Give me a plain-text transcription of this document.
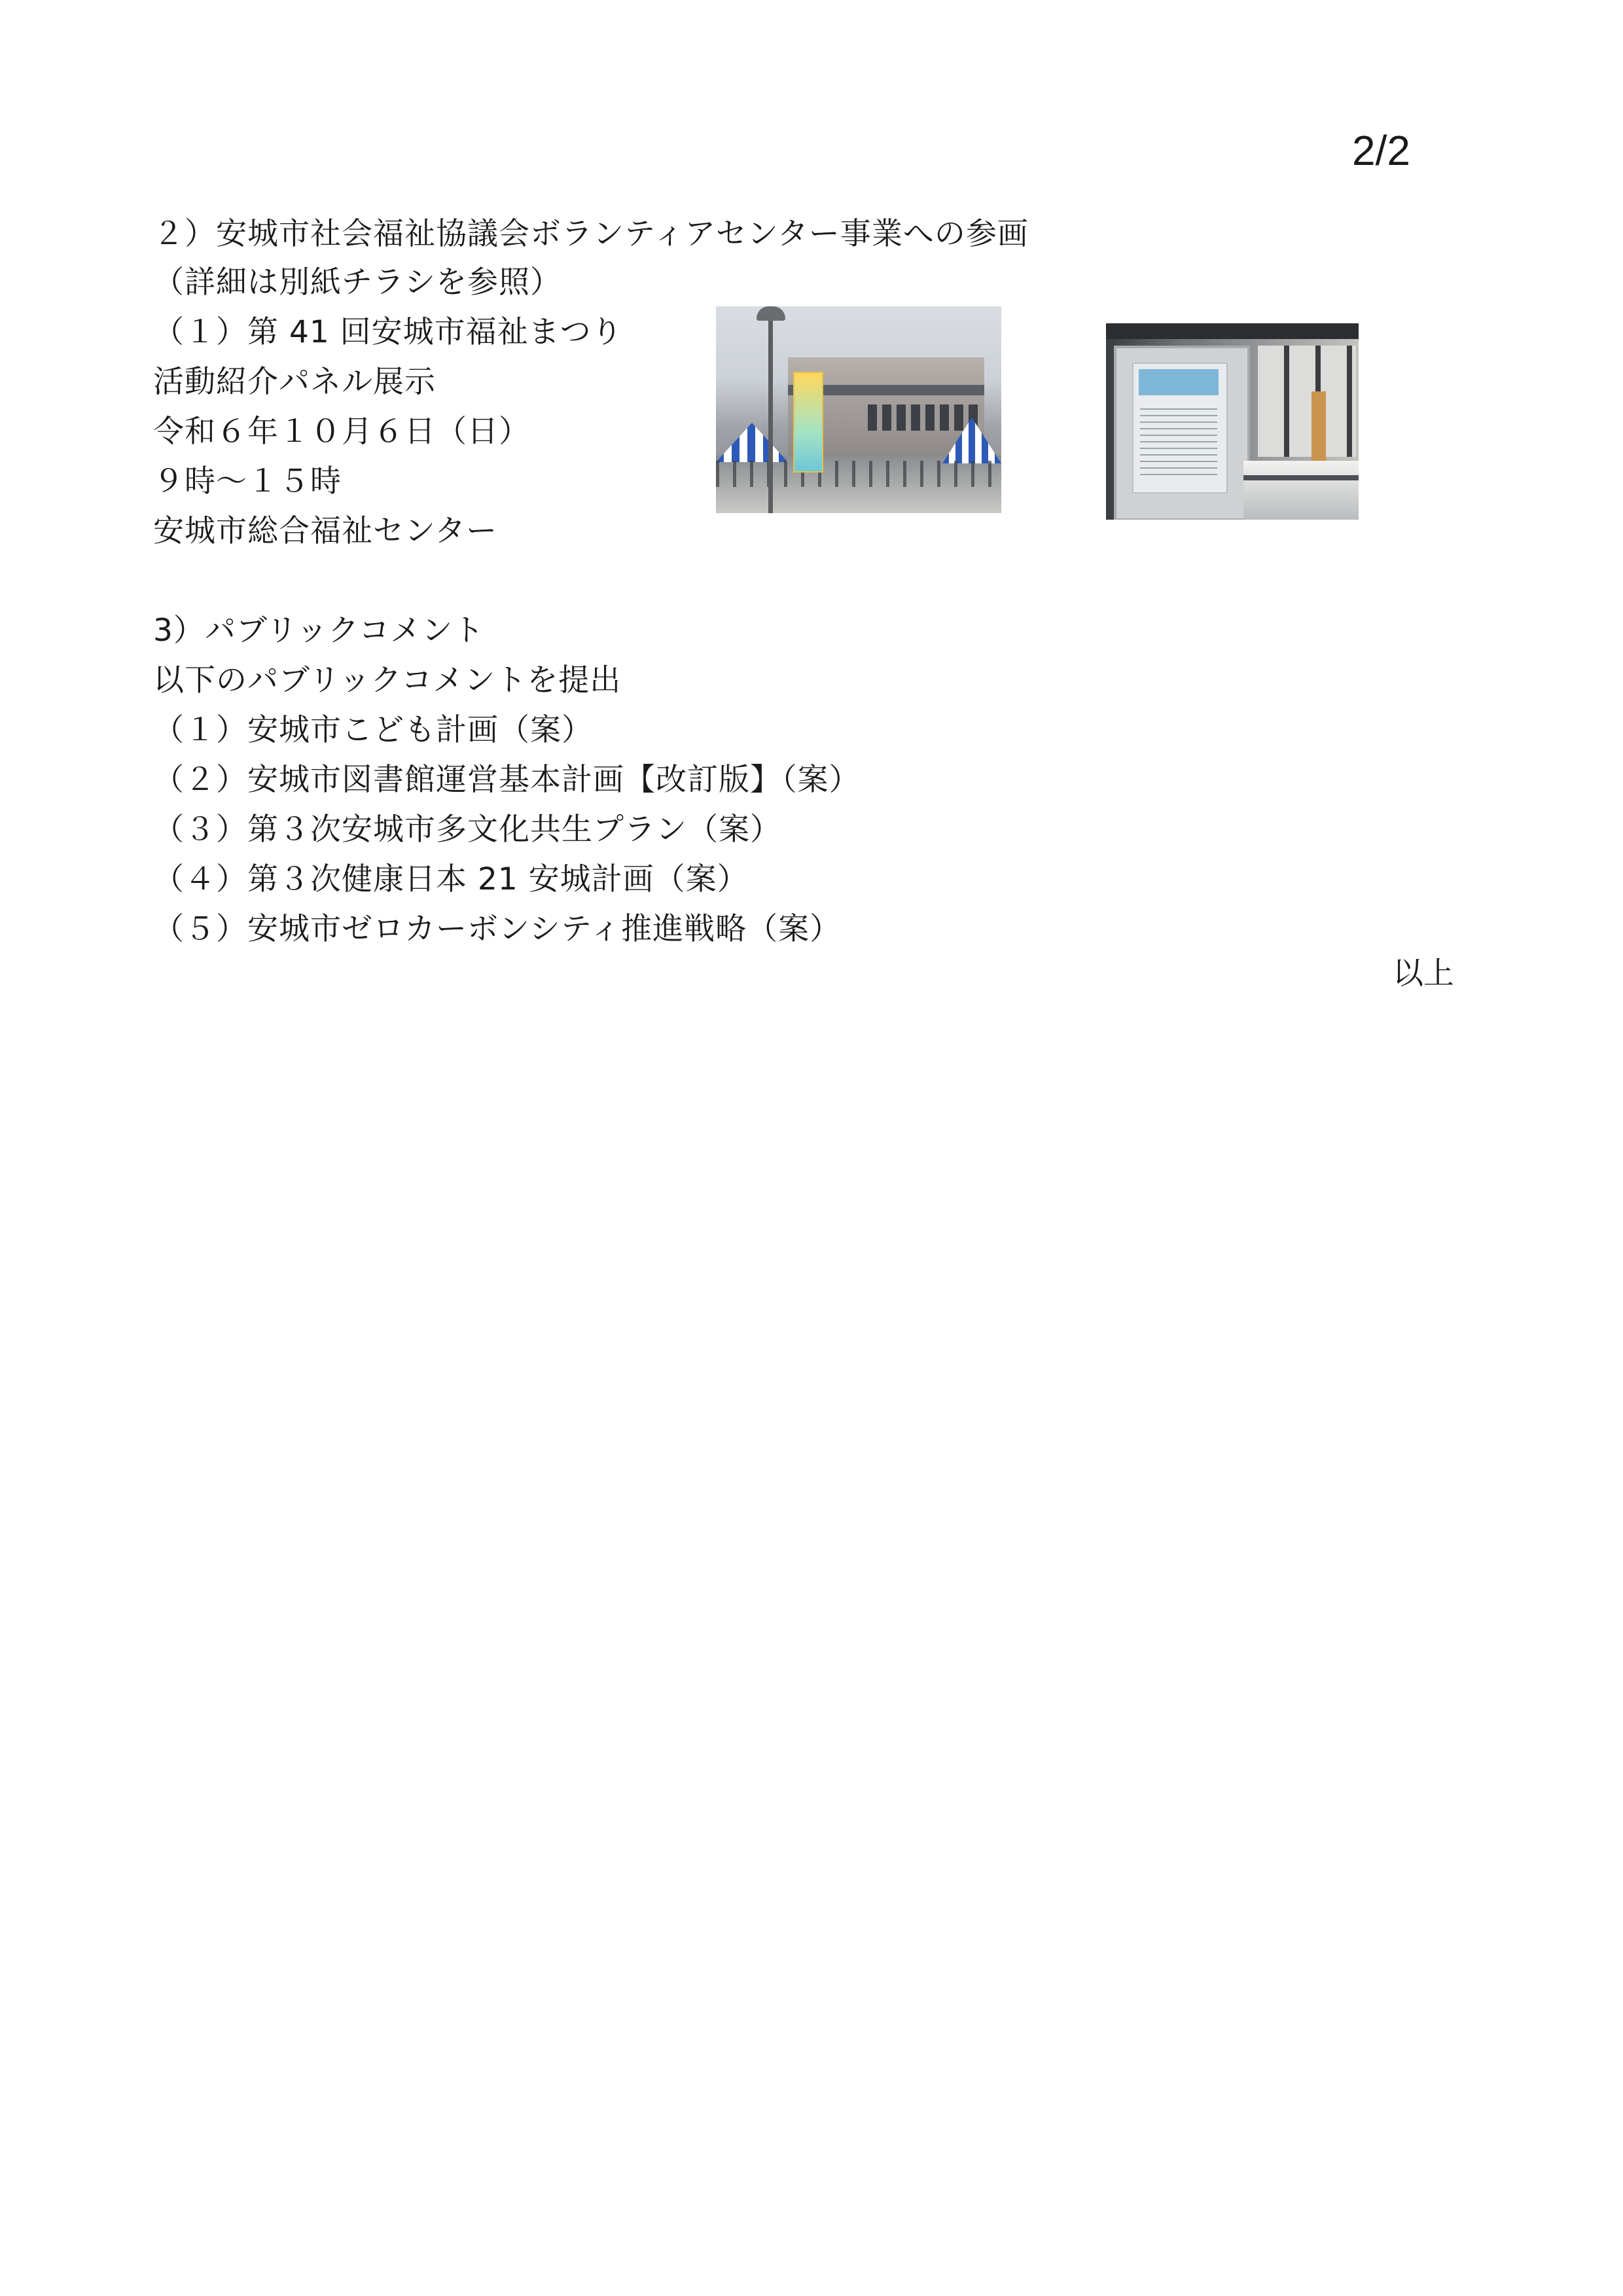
2/2
２）安城市社会福祉協議会ボランティアセンター事業への参画
（詳細は別紙チラシを参照）
（１）第 41 回安城市福祉まつり
活動紹介パネル展示
令和６年１０月６日（日）
９時～１５時
安城市総合福祉センター
3）パブリックコメント
以下のパブリックコメントを提出
（１）安城市こども計画（案）
（２）安城市図書館運営基本計画【改訂版】（案）
（３）第３次安城市多文化共生プラン（案）
（４）第３次健康日本 21 安城計画（案）
（５）安城市ゼロカーボンシティ推進戦略（案）
以上
